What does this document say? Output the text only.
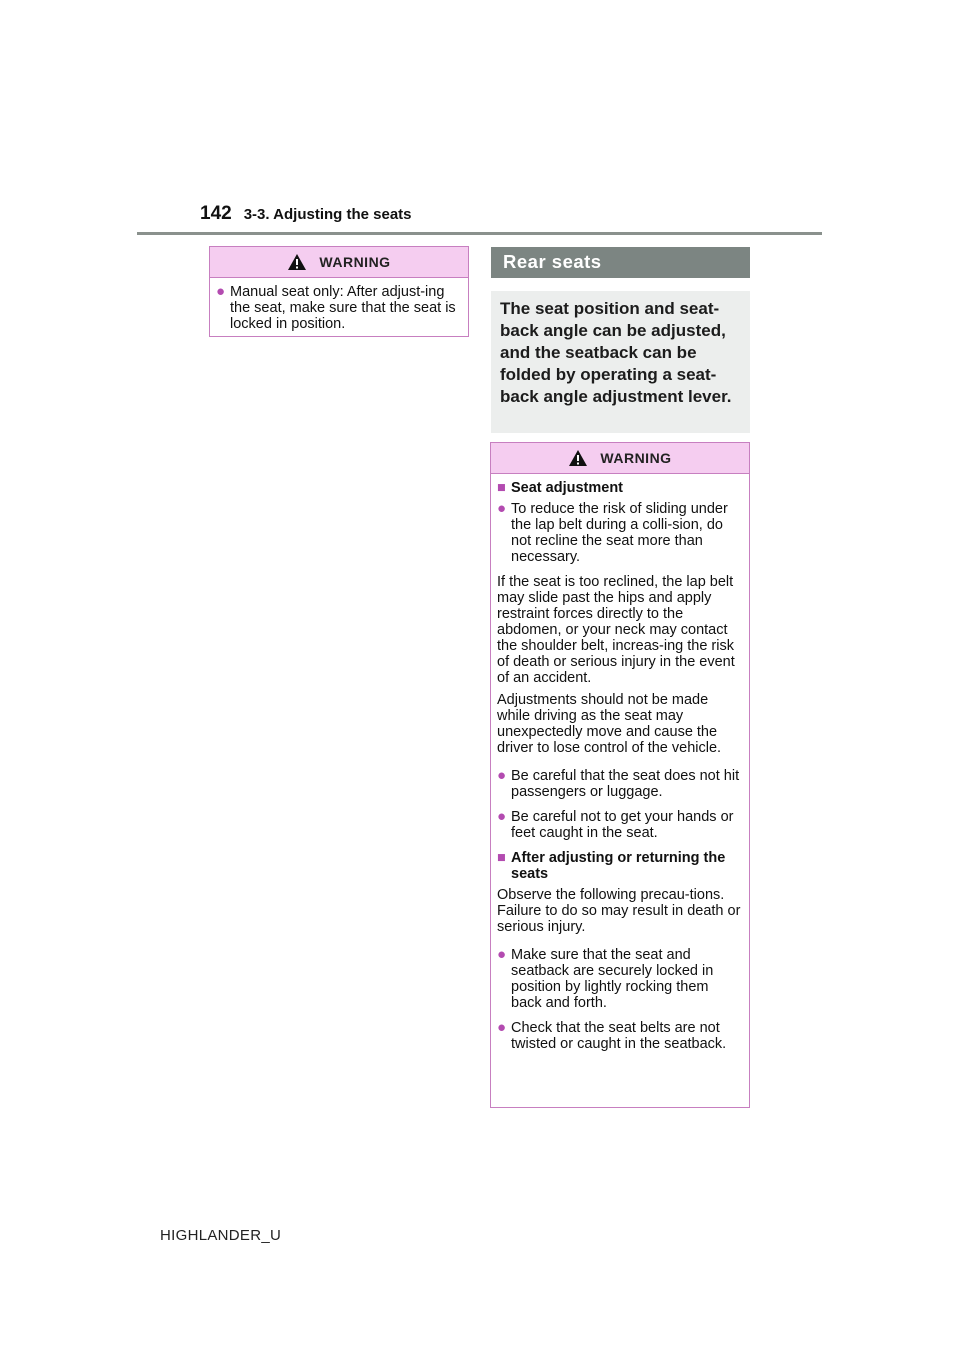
142 3-3. Adjusting the seats
WARNING
● Manual seat only: After adjust-ing the seat, make sure that the seat is locked in position.
Rear seats
The seat position and seat-back angle can be adjusted, and the seatback can be folded by operating a seat-back angle adjustment lever.
WARNING
■ Seat adjustment
● To reduce the risk of sliding under the lap belt during a colli-sion, do not recline the seat more than necessary.
If the seat is too reclined, the lap belt may slide past the hips and apply restraint forces directly to the abdomen, or your neck may contact the shoulder belt, increas-ing the risk of death or serious injury in the event of an accident.
Adjustments should not be made while driving as the seat may unexpectedly move and cause the driver to lose control of the vehicle.
● Be careful that the seat does not hit passengers or luggage.
● Be careful not to get your hands or feet caught in the seat.
■ After adjusting or returning the seats
Observe the following precau-tions. Failure to do so may result in death or serious injury.
● Make sure that the seat and seatback are securely locked in position by lightly rocking them back and forth.
● Check that the seat belts are not twisted or caught in the seatback.
HIGHLANDER_U
